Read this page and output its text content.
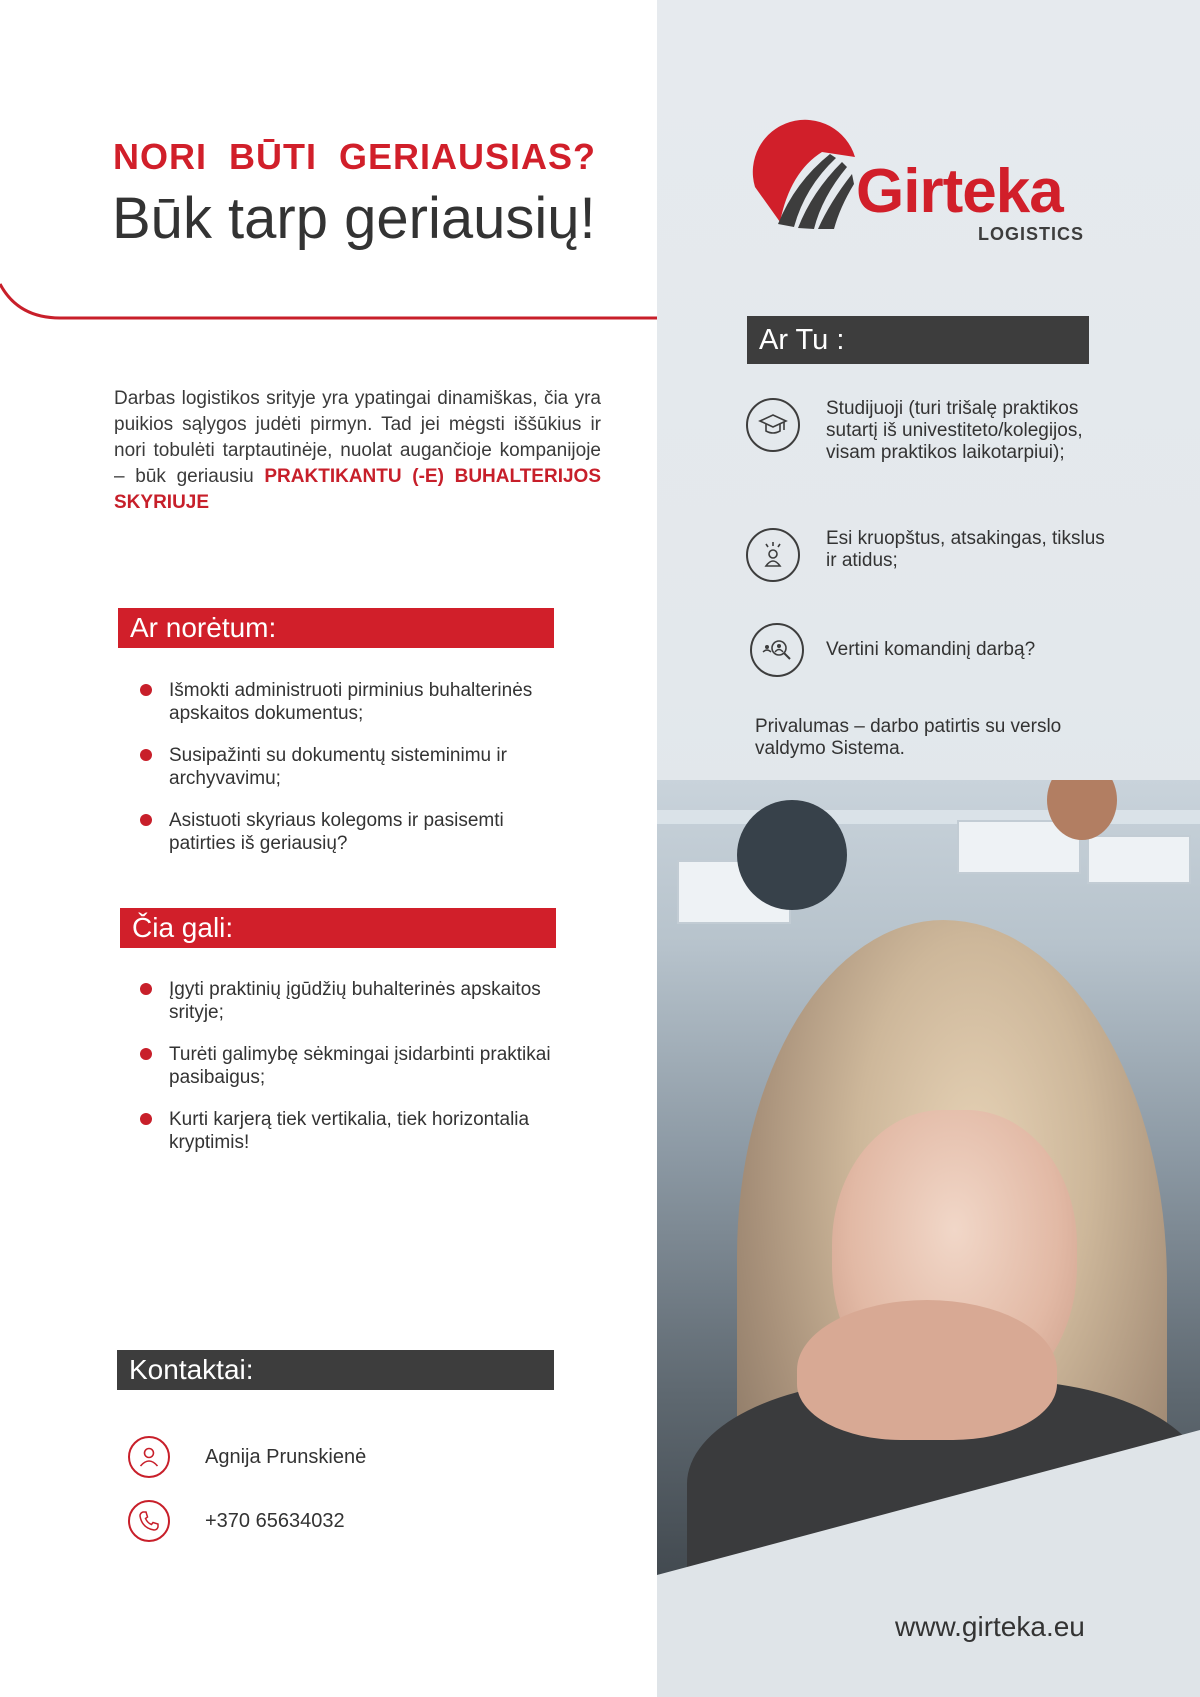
NORI  BŪTI  GERIAUSIAS?
Būk tarp geriausių!
Darbas logistikos srityje yra ypatingai dinamiškas, čia yra puikios sąlygos judėti pirmyn. Tad jei mėgsti iššūkius ir nori tobulėti tarptautinėje, nuolat augančioje kompanijoje – būk geriausiu PRAKTIKANTU (-E) BUHALTERIJOS SKYRIUJE
Ar norėtum:
Išmokti administruoti pirminius buhalterinės apskaitos dokumentus;
Susipažinti su dokumentų sisteminimu ir archyvavimu;
Asistuoti skyriaus kolegoms ir pasisemti patirties iš geriausių?
Čia gali:
Įgyti praktinių įgūdžių buhalterinės apskaitos srityje;
Turėti galimybę sėkmingai įsidarbinti praktikai pasibaigus;
Kurti karjerą tiek vertikalia, tiek horizontalia kryptimis!
Kontaktai:
Agnija Prunskienė
+370 65634032
Girteka
LOGISTICS
Ar Tu :
Studijuoji (turi trišalę praktikos sutartį iš univestiteto/kolegijos, visam praktikos laikotarpiui);
Esi kruopštus, atsakingas, tikslus ir atidus;
Vertini komandinį darbą?
Privalumas – darbo patirtis su verslo valdymo Sistema.
www.girteka.eu
